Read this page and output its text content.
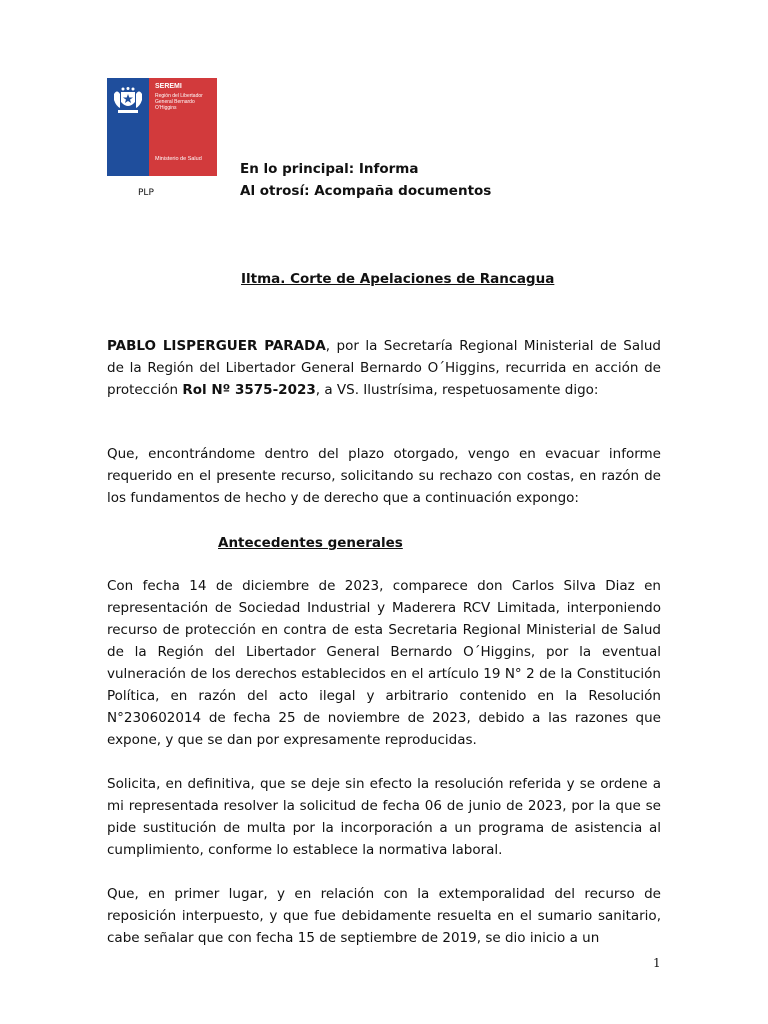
SEREMI
Región del Libertador General Bernardo O'Higgins
Ministerio de Salud
PLP
En lo principal: Informa
Al otrosí: Acompaña documentos
Iltma. Corte de Apelaciones de Rancagua
PABLO LISPERGUER PARADA, por la Secretaría Regional Ministerial de Salud de la Región del Libertador General Bernardo O´Higgins, recurrida en acción de protección Rol Nº 3575-2023, a VS. Ilustrísima, respetuosamente digo:
Que, encontrándome dentro del plazo otorgado, vengo en evacuar informe requerido en el presente recurso, solicitando su rechazo con costas, en razón de los fundamentos de hecho y de derecho que a continuación expongo:
Antecedentes generales
Con fecha 14 de diciembre de 2023, comparece don Carlos Silva Diaz en representación de Sociedad Industrial y Maderera RCV Limitada, interponiendo recurso de protección en contra de esta Secretaria Regional Ministerial de Salud de la Región del Libertador General Bernardo O´Higgins, por la eventual vulneración de los derechos establecidos en el artículo 19 N° 2 de la Constitución Política, en razón del acto ilegal y arbitrario contenido en la Resolución N°230602014 de fecha 25 de noviembre de 2023, debido a las razones que expone, y que se dan por expresamente reproducidas.
Solicita, en definitiva, que se deje sin efecto la resolución referida y se ordene a mi representada resolver la solicitud de fecha 06 de junio de 2023, por la que se pide sustitución de multa por la incorporación a un programa de asistencia al cumplimiento, conforme lo establece la normativa laboral.
Que, en primer lugar, y en relación con la extemporalidad del recurso de reposición interpuesto, y que fue debidamente resuelta en el sumario sanitario, cabe señalar que con fecha 15 de septiembre de 2019, se dio inicio a un
1
